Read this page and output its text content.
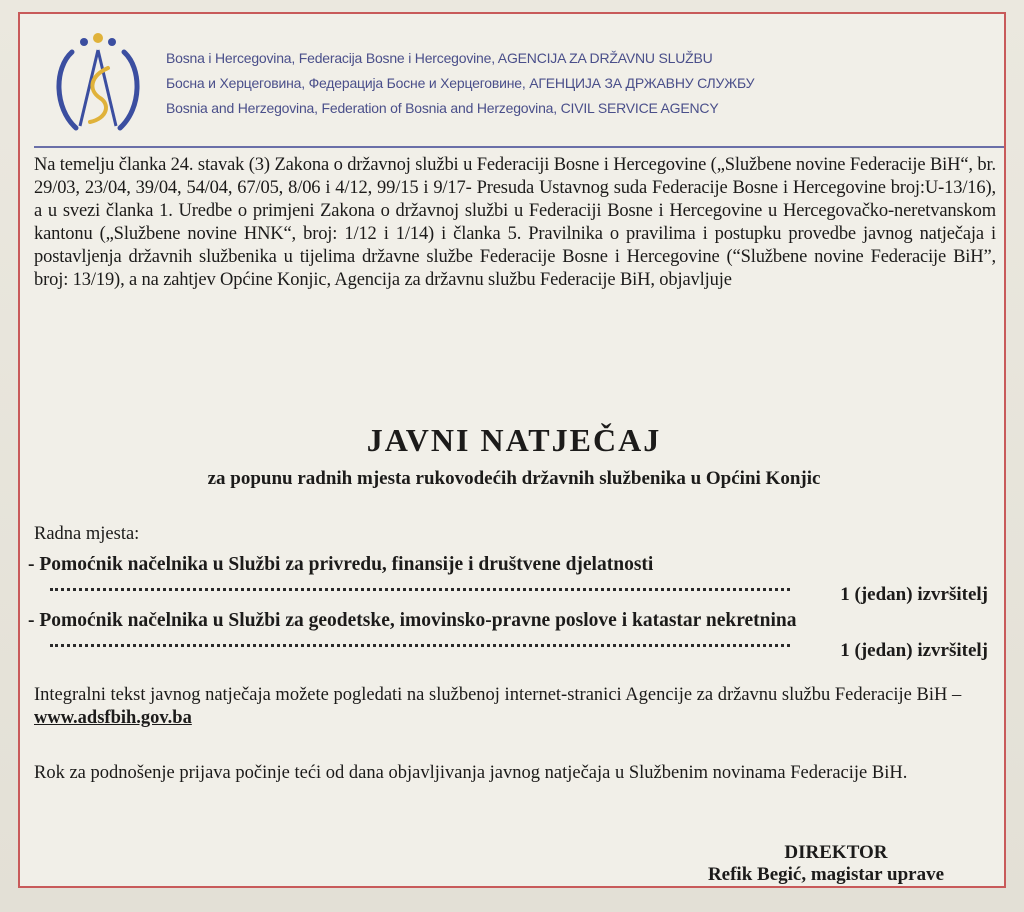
Bosna i Hercegovina, Federacija Bosne i Hercegovine, AGENCIJA ZA DRŽAVNU SLUŽBU
Босна и Херцеговина, Федерација Босне и Херцеговине, АГЕНЦИЈА ЗА ДРЖАВНУ СЛУЖБУ
Bosnia and Herzegovina, Federation of Bosnia and Herzegovina, CIVIL SERVICE AGENCY
Na temelju članka 24. stavak (3) Zakona o državnoj službi u Federaciji Bosne i Hercegovine („Službene novine Federacije BiH“, br. 29/03, 23/04, 39/04, 54/04, 67/05, 8/06 i 4/12, 99/15 i 9/17- Presuda Ustavnog suda Federacije Bosne i Hercegovine broj:U-13/16), a u svezi članka 1. Uredbe o primjeni Zakona o državnoj službi u Federaciji Bosne i Hercegovine u Hercegovačko-neretvanskom kantonu („Službene novine HNK“, broj: 1/12 i 1/14) i članka 5. Pravilnika o pravilima i postupku provedbe javnog natječaja i postavljenja državnih službenika u tijelima državne službe Federacije Bosne i Hercegovine (“Službene novine Federacije BiH”, broj: 13/19), a na zahtjev Općine Konjic, Agencija za državnu službu Federacije BiH, objavljuje
JAVNI NATJEČAJ
za popunu radnih mjesta rukovodećih državnih službenika u Općini Konjic
Radna mjesta:
- Pomoćnik načelnika u Službi za privredu, finansije i društvene djelatnosti
1 (jedan) izvršitelj
- Pomoćnik načelnika u Službi za geodetske, imovinsko-pravne poslove i katastar nekretnina
1 (jedan) izvršitelj
Integralni tekst javnog natječaja možete pogledati na službenoj internet-stranici Agencije za državnu službu Federacije BiH – www.adsfbih.gov.ba
Rok za podnošenje prijava počinje teći od dana objavljivanja javnog natječaja u Službenim novinama Federacije BiH.
DIREKTOR
Refik Begić, magistar uprave
